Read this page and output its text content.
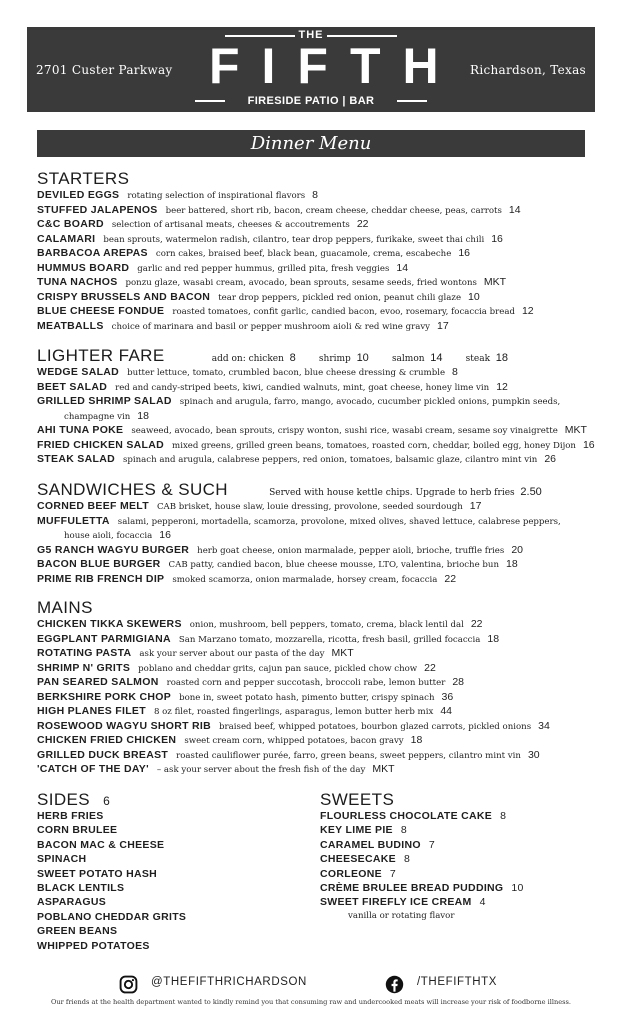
2701 Custer Parkway
THE
FIFTH
FIRESIDE PATIO | BAR
Richardson, Texas
Dinner Menu
STARTERS
DEVILED EGGS rotating selection of inspirational flavors 8
STUFFED JALAPENOS beer battered, short rib, bacon, cream cheese, cheddar cheese, peas, carrots 14
C&C BOARD selection of artisanal meats, cheeses & accoutrements 22
CALAMARI bean sprouts, watermelon radish, cilantro, tear drop peppers, furikake, sweet thai chili 16
BARBACOA AREPAS corn cakes, braised beef, black bean, guacamole, crema, escabeche 16
HUMMUS BOARD garlic and red pepper hummus, grilled pita, fresh veggies 14
TUNA NACHOS ponzu glaze, wasabi cream, avocado, bean sprouts, sesame seeds, fried wontons MKT
CRISPY BRUSSELS AND BACON tear drop peppers, pickled red onion, peanut chili glaze 10
BLUE CHEESE FONDUE roasted tomatoes, confit garlic, candied bacon, evoo, rosemary, focaccia bread 12
MEATBALLS choice of marinara and basil or pepper mushroom aioli & red wine gravy 17
LIGHTER FARE	add on: chicken 8	shrimp 10	salmon 14	steak 18
WEDGE SALAD butter lettuce, tomato, crumbled bacon, blue cheese dressing & crumble 8
BEET SALAD red and candy-striped beets, kiwi, candied walnuts, mint, goat cheese, honey lime vin 12
GRILLED SHRIMP SALAD spinach and arugula, farro, mango, avocado, cucumber pickled onions, pumpkin seeds,
champagne vin 18
AHI TUNA POKE seaweed, avocado, bean sprouts, crispy wonton, sushi rice, wasabi cream, sesame soy vinaigrette MKT
FRIED CHICKEN SALAD mixed greens, grilled green beans, tomatoes, roasted corn, cheddar, boiled egg, honey Dijon 16
STEAK SALAD spinach and arugula, calabrese peppers, red onion, tomatoes, balsamic glaze, cilantro mint vin 26
SANDWICHES & SUCH	Served with house kettle chips. Upgrade to herb fries 2.50
CORNED BEEF MELT CAB brisket, house slaw, louie dressing, provolone, seeded sourdough 17
MUFFULETTA salami, pepperoni, mortadella, scamorza, provolone, mixed olives, shaved lettuce, calabrese peppers,
house aioli, focaccia 16
G5 RANCH WAGYU BURGER herb goat cheese, onion marmalade, pepper aioli, brioche, truffle fries 20
BACON BLUE BURGER CAB patty, candied bacon, blue cheese mousse, LTO, valentina, brioche bun 18
PRIME RIB FRENCH DIP smoked scamorza, onion marmalade, horsey cream, focaccia 22
MAINS
CHICKEN TIKKA SKEWERS onion, mushroom, bell peppers, tomato, crema, black lentil dal 22
EGGPLANT PARMIGIANA San Marzano tomato, mozzarella, ricotta, fresh basil, grilled focaccia 18
ROTATING PASTA ask your server about our pasta of the day MKT
SHRIMP N' GRITS poblano and cheddar grits, cajun pan sauce, pickled chow chow 22
PAN SEARED SALMON roasted corn and pepper succotash, broccoli rabe, lemon butter 28
BERKSHIRE PORK CHOP bone in, sweet potato hash, pimento butter, crispy spinach 36
HIGH PLANES FILET 8 oz filet, roasted fingerlings, asparagus, lemon butter herb mix 44
ROSEWOOD WAGYU SHORT RIB braised beef, whipped potatoes, bourbon glazed carrots, pickled onions 34
CHICKEN FRIED CHICKEN sweet cream corn, whipped potatoes, bacon gravy 18
GRILLED DUCK BREAST roasted cauliflower purée, farro, green beans, sweet peppers, cilantro mint vin 30
'CATCH OF THE DAY' – ask your server about the fresh fish of the day MKT
SIDES 6
HERB FRIES
CORN BRULEE
BACON MAC & CHEESE
SPINACH
SWEET POTATO HASH
BLACK LENTILS
ASPARAGUS
POBLANO CHEDDAR GRITS
GREEN BEANS
WHIPPED POTATOES
SWEETS
FLOURLESS CHOCOLATE CAKE 8
KEY LIME PIE 8
CARAMEL BUDINO 7
CHEESECAKE 8
CORLEONE 7
CRÈME BRULEE BREAD PUDDING 10
SWEET FIREFLY ICE CREAM 4
vanilla or rotating flavor
@THEFIFTHRICHARDSON	/THEFIFTHTX
Our friends at the health department wanted to kindly remind you that consuming raw and undercooked meats will increase your risk of foodborne illness.
